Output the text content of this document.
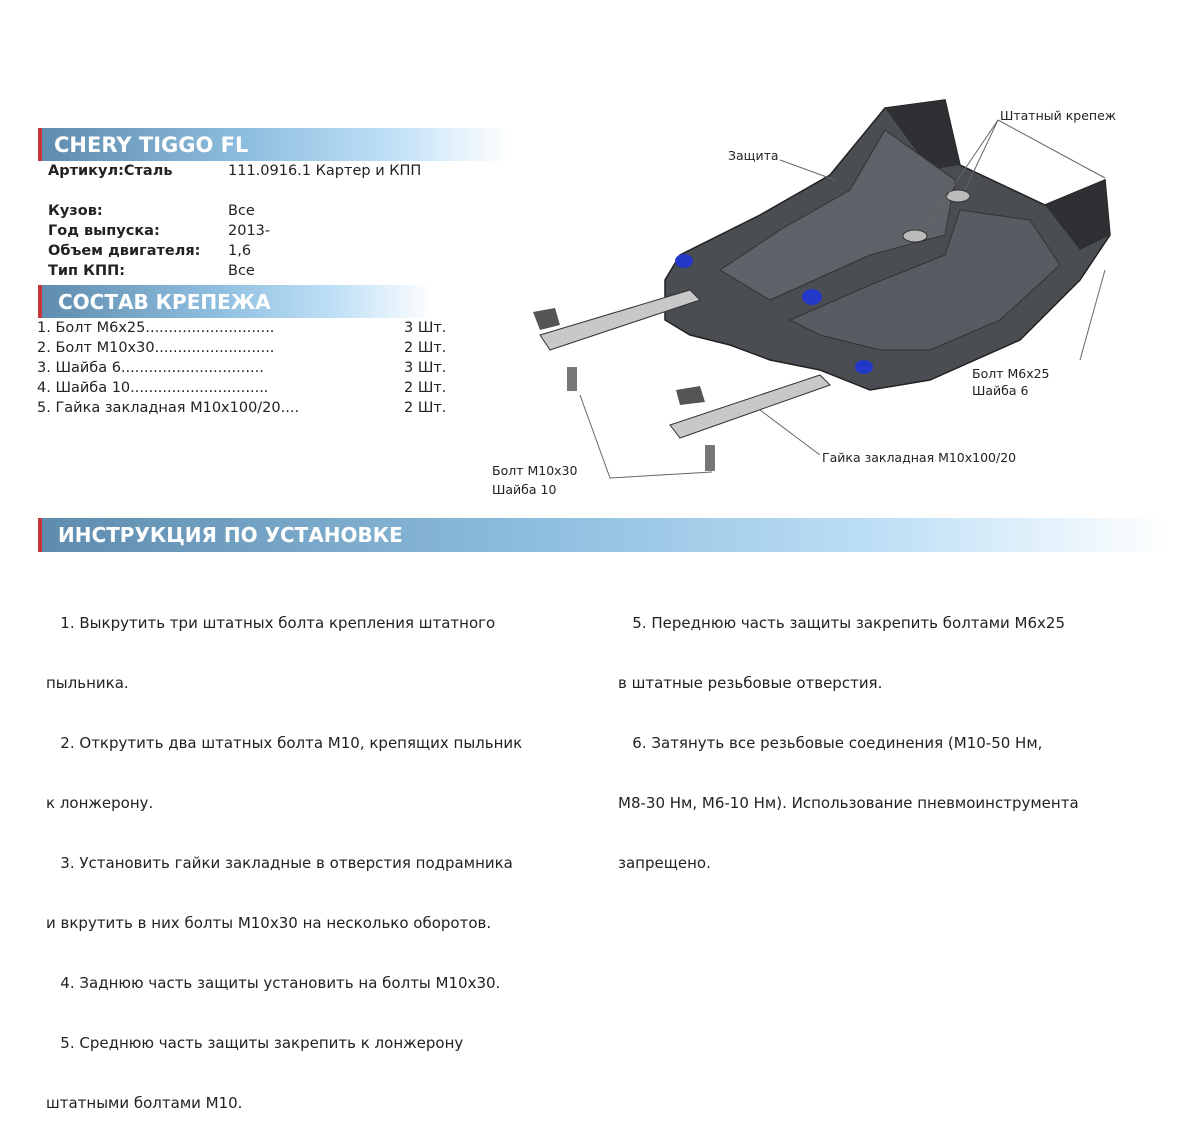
CHERY TIGGO FL
Артикул:Сталь	111.0916.1 Картер и КПП
Кузов:	Все
Год выпуска:	2013-
Объем двигателя: 1,6
Тип КПП:	Все
СОСТАВ КРЕПЕЖА
1. Болт М6х25............................	3 Шт.
2. Болт М10х30..........................	2 Шт.
3. Шайба 6...............................	3 Шт.
4. Шайба 10..............................	2 Шт.
5. Гайка закладная М10х100/20....	2 Шт.
Штатный крепеж
Защита
Болт М6х25
Шайба 6
Гайка закладная М10х100/20
Болт М10х30
Шайба 10
ИНСТРУКЦИЯ ПО УСТАНОВКЕ

1. Выкрутить три штатных болта крепления штатного

пыльника.

2. Открутить два штатных болта М10, крепящих пыльник

к лонжерону.

3. Установить гайки закладные в отверстия подрамника

и вкрутить в них болты М10х30 на несколько оборотов.

4. Заднюю часть защиты установить на болты М10х30.

5. Среднюю часть защиты закрепить к лонжерону

штатными болтами М10.

5. Переднюю часть защиты закрепить болтами М6х25

в штатные резьбовые отверстия.

6. Затянуть все резьбовые соединения (М10-50 Нм,

М8-30 Нм, М6-10 Нм). Использование пневмоинструмента

запрещено.
